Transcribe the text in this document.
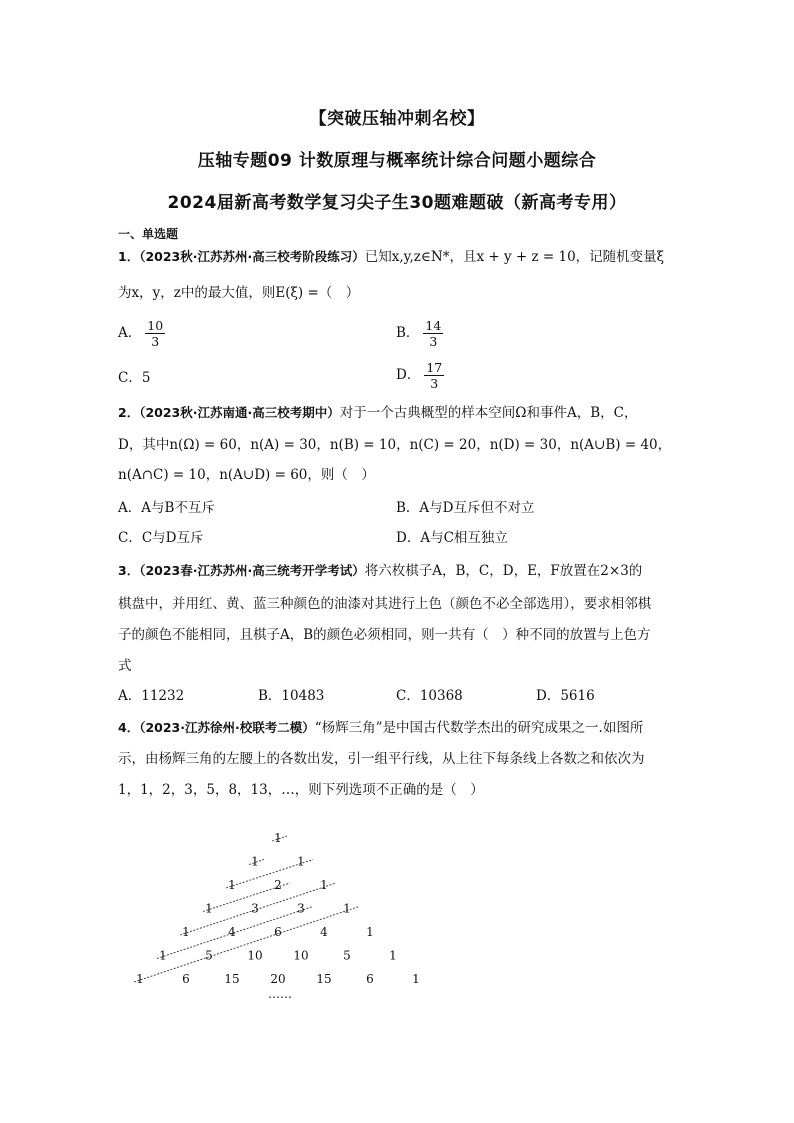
【突破压轴冲刺名校】
压轴专题09 计数原理与概率统计综合问题小题综合
2024届新高考数学复习尖子生30题难题破（新高考专用）
一、单选题
1．（2023秋·江苏苏州·高三校考阶段练习）已知x,y,z∈N*，且x + y + z = 10，记随机变量ξ
为x，y，z中的最大值，则E(ξ) =（　）
A． $\frac{10}{3}$	B． $\frac{14}{3}$
C．5	D． $\frac{17}{3}$
2．（2023秋·江苏南通·高三校考期中）对于一个古典概型的样本空间Ω和事件A，B，C，
D，其中n(Ω) = 60，n(A) = 30，n(B) = 10，n(C) = 20，n(D) = 30，n(A∪B) = 40，
n(A∩C) = 10，n(A∪D) = 60，则（　）
A．A与B不互斥	B．A与D互斥但不对立
C．C与D互斥	D．A与C相互独立
3．（2023春·江苏苏州·高三统考开学考试）将六枚棋子A，B，C，D，E，F放置在2×3的
棋盘中，并用红、黄、蓝三种颜色的油漆对其进行上色（颜色不必全部选用），要求相邻棋
子的颜色不能相同，且棋子A，B的颜色必须相同，则一共有（　）种不同的放置与上色方
式
A．11232	B．10483	C．10368	D．5616
4．（2023·江苏徐州·校联考二模）“杨辉三角”是中国古代数学杰出的研究成果之一.如图所
示，由杨辉三角的左腰上的各数出发，引一组平行线，从上往下每条线上各数之和依次为
1，1，2，3，5，8，13，…，则下列选项不正确的是（　）
1
1	1
1	2	1
1	3	3	1
1	4	6	4	1
1	5	10	10	5	1
1	6	15	20	15	6	1
……
